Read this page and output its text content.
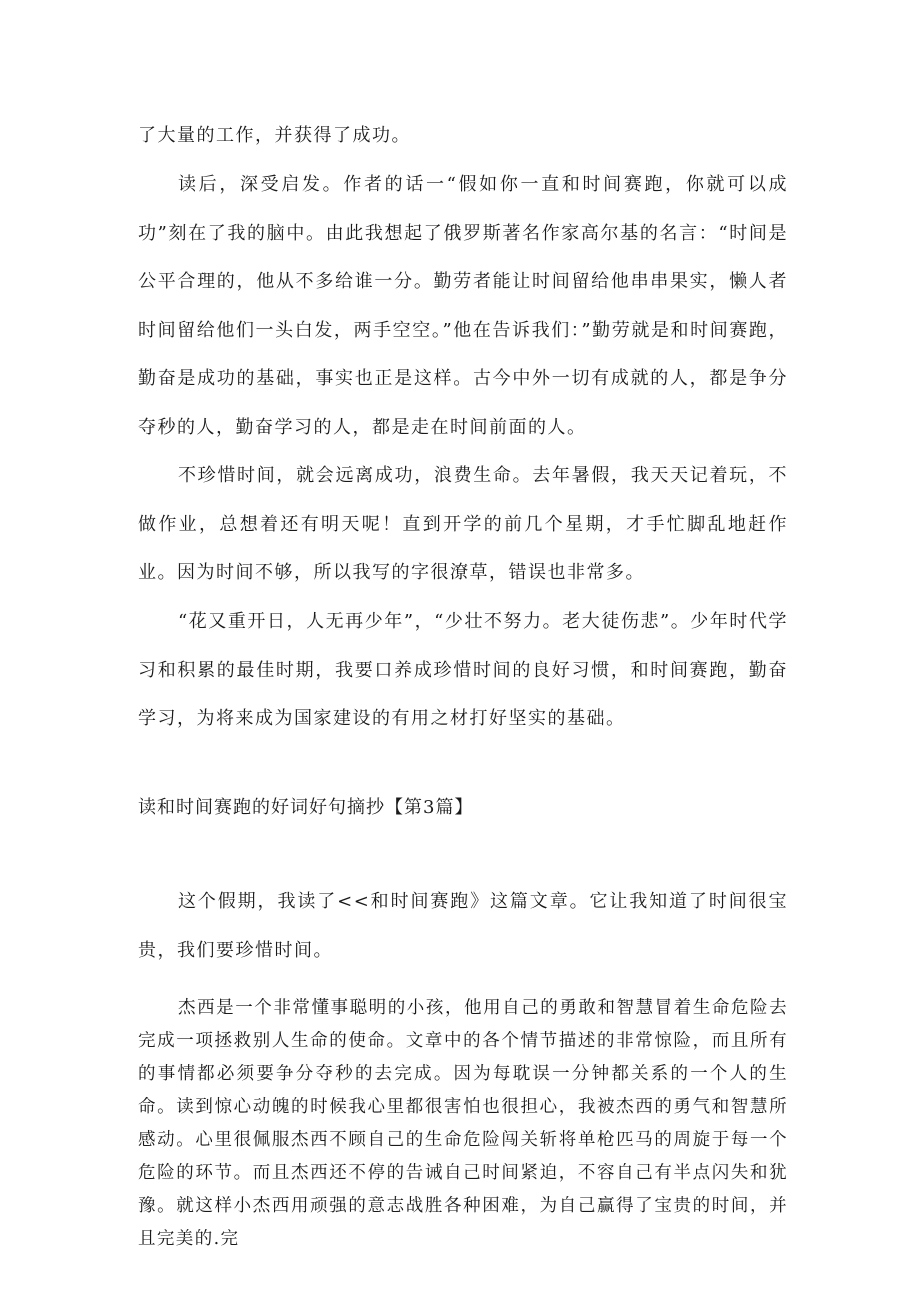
了大量的工作，并获得了成功。

读后，深受启发。作者的话一“假如你一直和时间赛跑，你就可以成功”刻在了我的脑中。由此我想起了俄罗斯著名作家高尔基的名言：“时间是公平合理的，他从不多给谁一分。勤劳者能让时间留给他串串果实，懒人者时间留给他们一头白发，两手空空。”他在告诉我们：”勤劳就是和时间赛跑，勤奋是成功的基础，事实也正是这样。古今中外一切有成就的人，都是争分夺秒的人，勤奋学习的人，都是走在时间前面的人。

不珍惜时间，就会远离成功，浪费生命。去年暑假，我天天记着玩，不做作业，总想着还有明天呢！直到开学的前几个星期，才手忙脚乱地赶作业。因为时间不够，所以我写的字很潦草，错误也非常多。

“花又重开日，人无再少年”，“少壮不努力。老大徒伤悲”。少年时代学习和积累的最佳时期，我要口养成珍惜时间的良好习惯，和时间赛跑，勤奋学习，为将来成为国家建设的有用之材打好坚实的基础。

读和时间赛跑的好词好句摘抄【第3篇】

这个假期，我读了<<和时间赛跑》这篇文章。它让我知道了时间很宝贵，我们要珍惜时间。

杰西是一个非常懂事聪明的小孩，他用自己的勇敢和智慧冒着生命危险去完成一项拯救别人生命的使命。文章中的各个情节描述的非常惊险，而且所有的事情都必须要争分夺秒的去完成。因为每耽误一分钟都关系的一个人的生命。读到惊心动魄的时候我心里都很害怕也很担心，我被杰西的勇气和智慧所感动。心里很佩服杰西不顾自己的生命危险闯关斩将单枪匹马的周旋于每一个危险的环节。而且杰西还不停的告诫自己时间紧迫，不容自己有半点闪失和犹豫。就这样小杰西用顽强的意志战胜各种困难，为自己赢得了宝贵的时间，并且完美的.完
